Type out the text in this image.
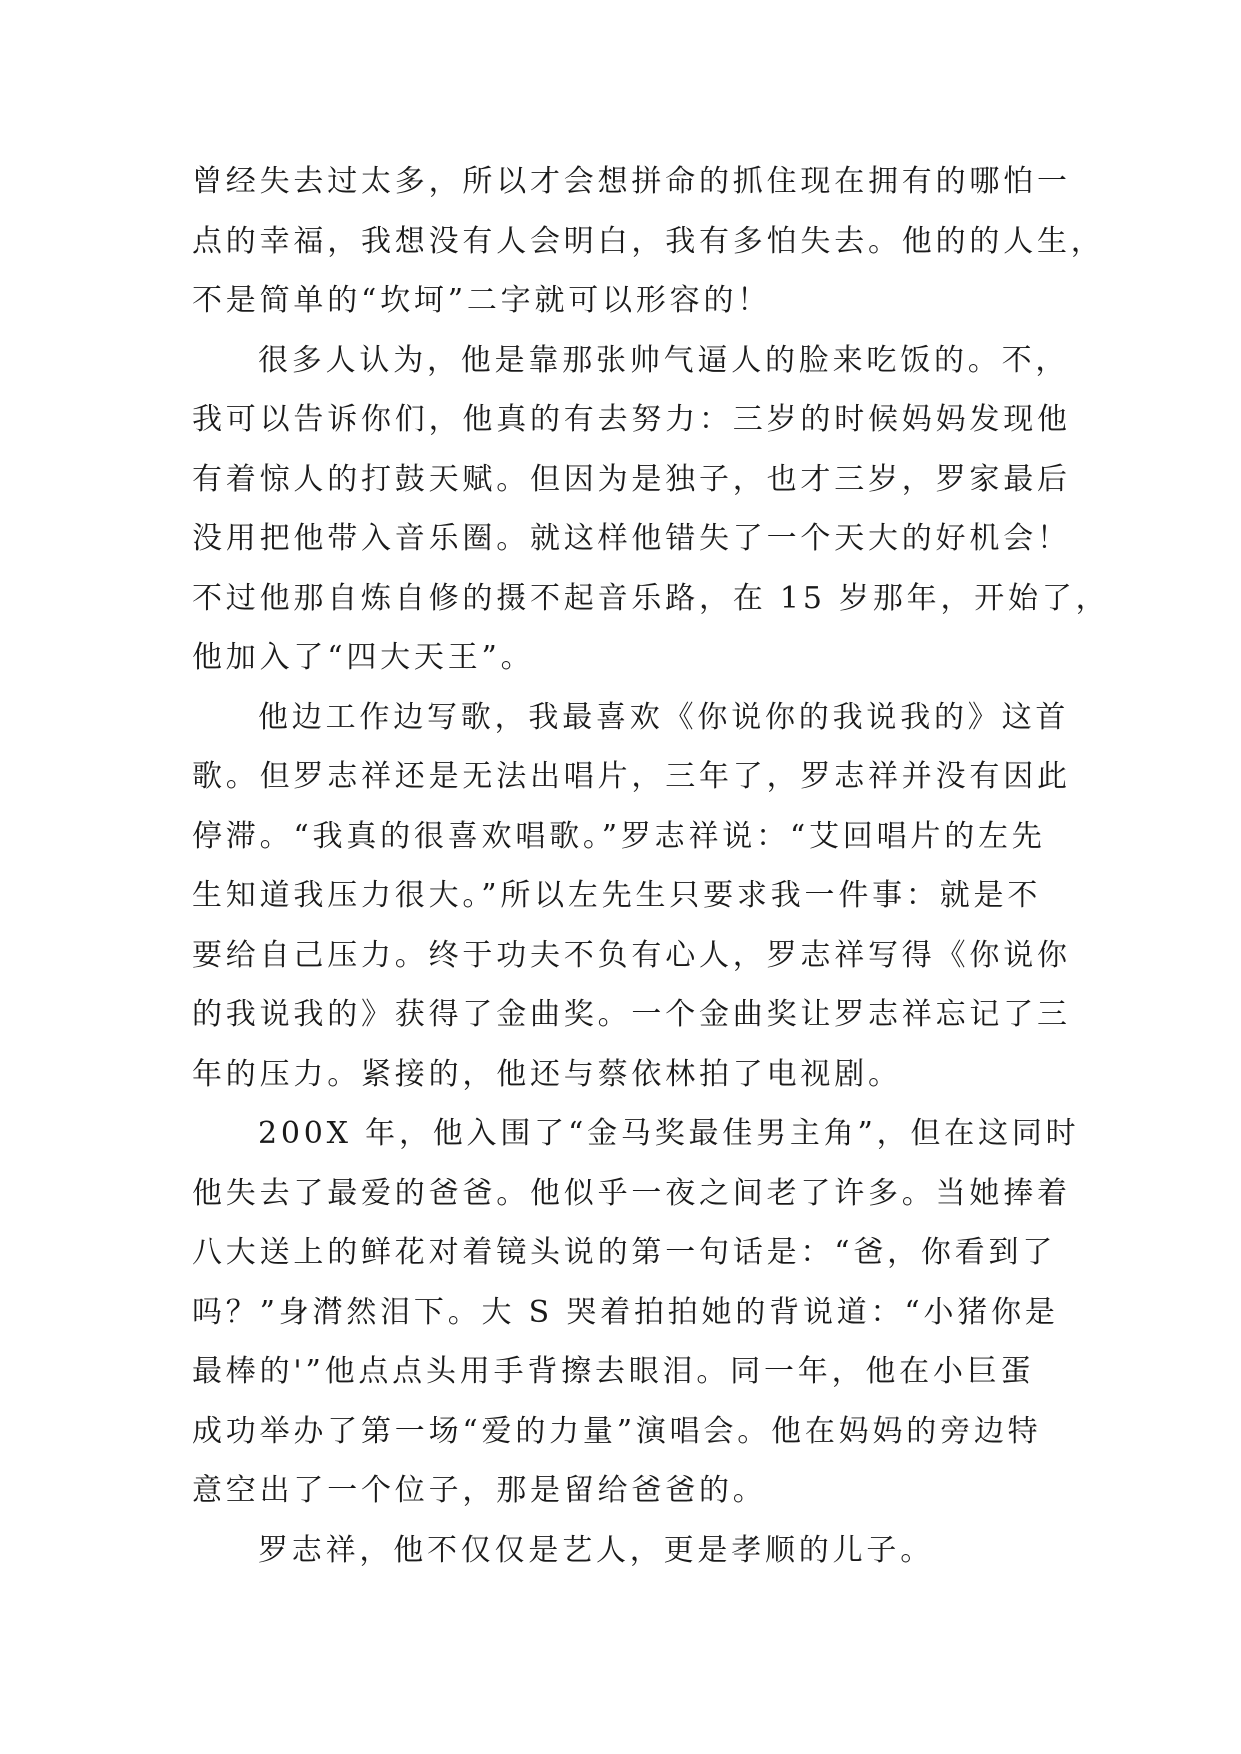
曾经失去过太多，所以才会想拼命的抓住现在拥有的哪怕一
点的幸福，我想没有人会明白，我有多怕失去。他的的人生，
不是简单的“坎坷”二字就可以形容的！
很多人认为，他是靠那张帅气逼人的脸来吃饭的。不，
我可以告诉你们，他真的有去努力：三岁的时候妈妈发现他
有着惊人的打鼓天赋。但因为是独子，也才三岁，罗家最后
没用把他带入音乐圈。就这样他错失了一个天大的好机会！
不过他那自炼自修的摄不起音乐路，在 15 岁那年，开始了，
他加入了“四大天王”。
他边工作边写歌，我最喜欢《你说你的我说我的》这首
歌。但罗志祥还是无法出唱片，三年了，罗志祥并没有因此
停滞。“我真的很喜欢唱歌。”罗志祥说：“艾回唱片的左先
生知道我压力很大。”所以左先生只要求我一件事：就是不
要给自己压力。终于功夫不负有心人，罗志祥写得《你说你
的我说我的》获得了金曲奖。一个金曲奖让罗志祥忘记了三
年的压力。紧接的，他还与蔡依林拍了电视剧。
200X 年，他入围了“金马奖最佳男主角”，但在这同时
他失去了最爱的爸爸。他似乎一夜之间老了许多。当她捧着
八大送上的鲜花对着镜头说的第一句话是：“爸，你看到了
吗？”身潸然泪下。大 S 哭着拍拍她的背说道：“小猪你是
最棒的'”他点点头用手背擦去眼泪。同一年，他在小巨蛋
成功举办了第一场“爱的力量”演唱会。他在妈妈的旁边特
意空出了一个位子，那是留给爸爸的。
罗志祥，他不仅仅是艺人，更是孝顺的儿子。
